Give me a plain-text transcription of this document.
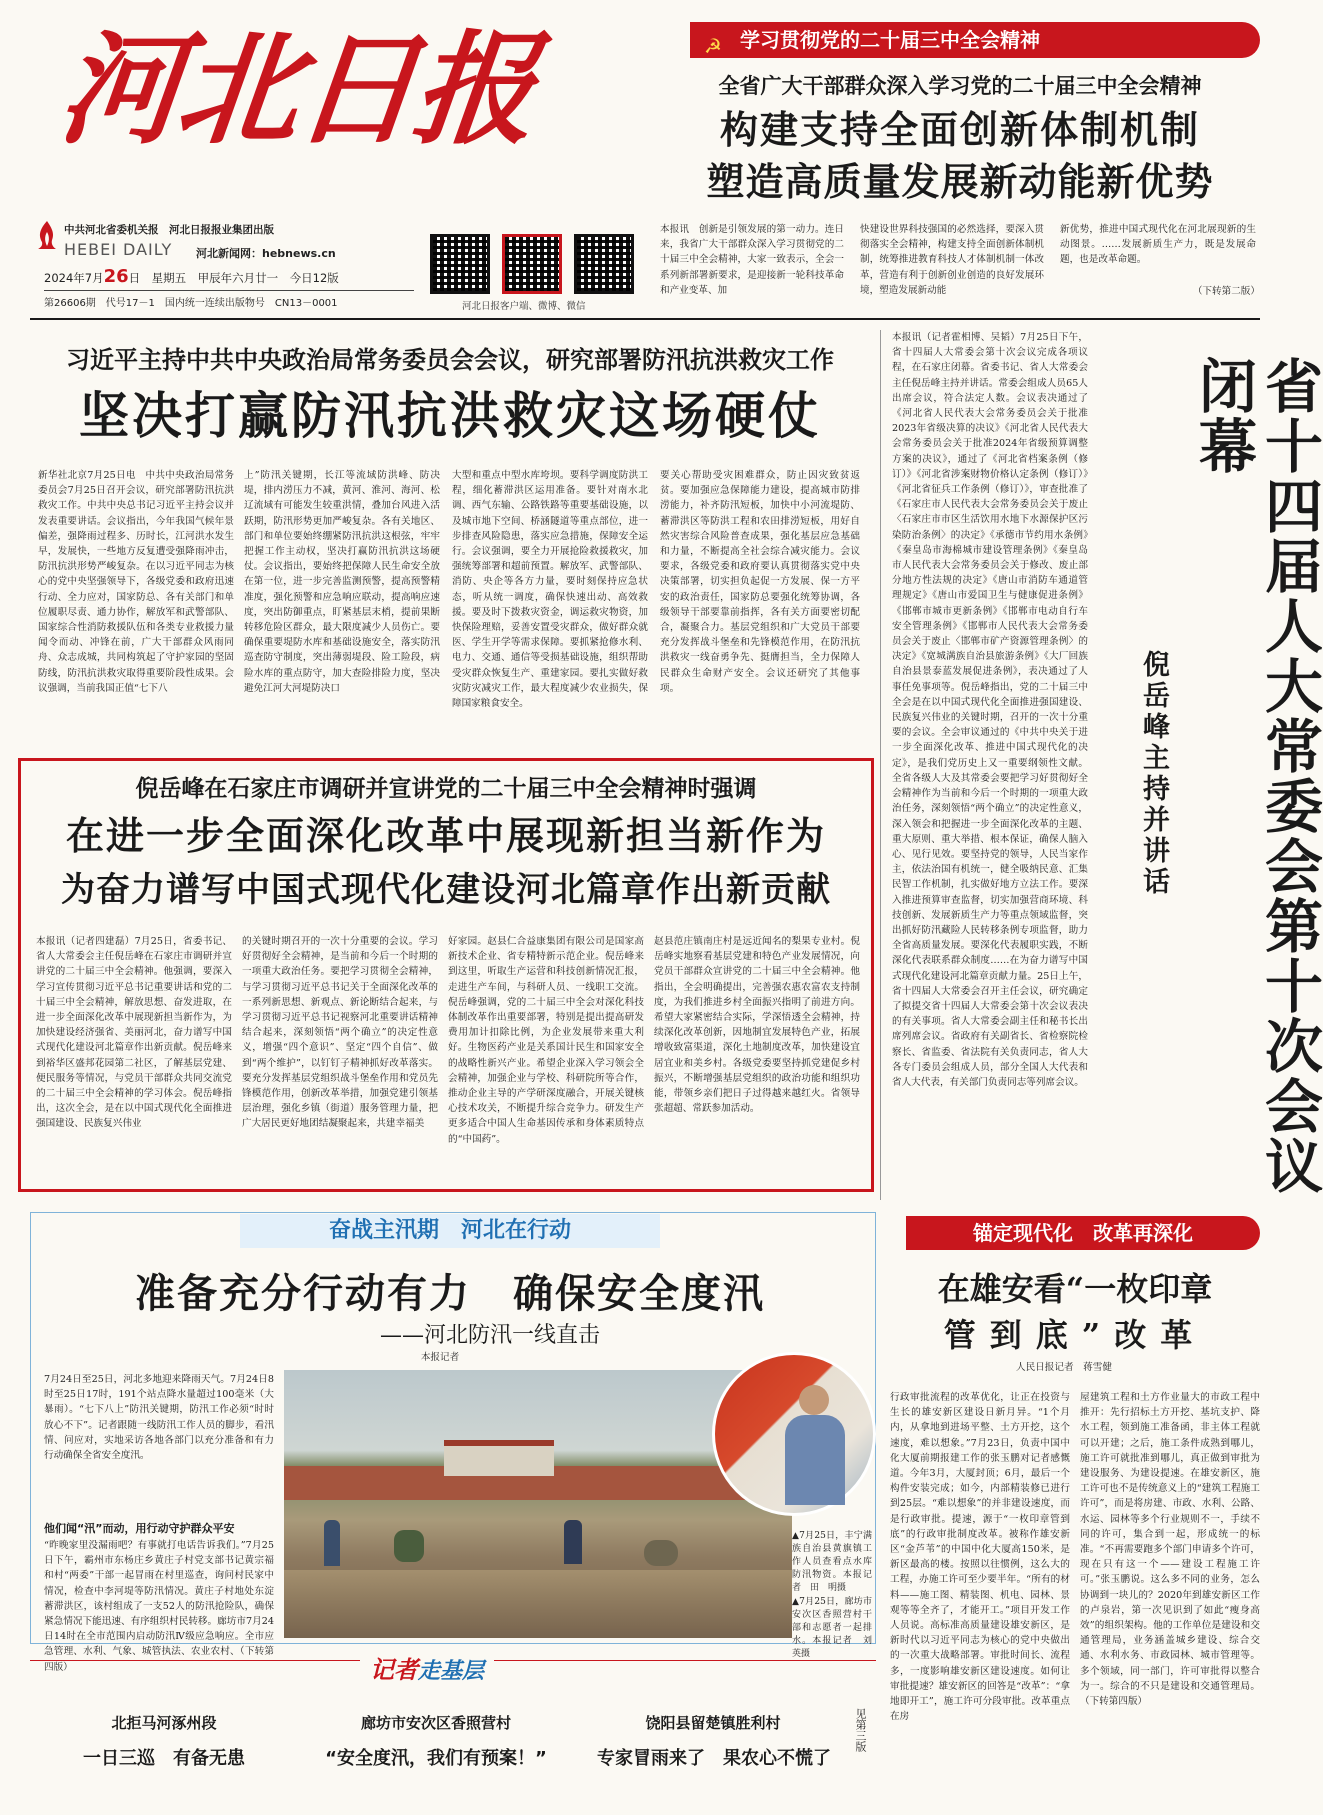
河北日报
中共河北省委机关报　河北日报报业集团出版
HEBEI DAILY 河北新闻网：hebnews.cn
2024年7月26日　星期五　甲辰年六月廿一　今日12版
第26606期　代号17－1　国内统一连续出版物号　CN13－0001	河北日报客户端、微博、微信
☭ 学习贯彻党的二十届三中全会精神
全省广大干部群众深入学习党的二十届三中全会精神
构建支持全面创新体制机制
塑造高质量发展新动能新优势
本报讯　创新是引领发展的第一动力。连日来，我省广大干部群众深入学习贯彻党的二十届三中全会精神，大家一致表示，全会一系列新部署新要求，是迎接新一轮科技革命和产业变革、加
快建设世界科技强国的必然选择，要深入贯彻落实全会精神，构建支持全面创新体制机制，统筹推进教育科技人才体制机制一体改革，营造有利于创新创业创造的良好发展环境，塑造发展新动能
新优势，推进中国式现代化在河北展现新的生动图景。……发展新质生产力，既是发展命题，也是改革命题。
（下转第二版）
习近平主持中共中央政治局常务委员会会议，研究部署防汛抗洪救灾工作
坚决打赢防汛抗洪救灾这场硬仗
新华社北京7月25日电　中共中央政治局常务委员会7月25日召开会议，研究部署防汛抗洪救灾工作。中共中央总书记习近平主持会议并发表重要讲话。会议指出，今年我国气候年景偏差，强降雨过程多、历时长，江河洪水发生早，发展快，一些地方反复遭受强降雨冲击，防汛抗洪形势严峻复杂。在以习近平同志为核心的党中央坚强领导下，各级党委和政府迅速行动、全力应对，国家防总、各有关部门和单位履职尽责、通力协作，解放军和武警部队、国家综合性消防救援队伍和各类专业救援力量闻令而动、冲锋在前，广大干部群众风雨同舟、众志成城，共同构筑起了守护家园的坚固防线，防汛抗洪救灾取得重要阶段性成果。会议强调，当前我国正值“七下八
上”防汛关键期，长江等流域防洪峰、防决堤，排内涝压力不减，黄河、淮河、海河、松辽流域有可能发生较重洪情，叠加台风进入活跃期，防汛形势更加严峻复杂。各有关地区、部门和单位要始终绷紧防汛抗洪这根弦，牢牢把握工作主动权，坚决打赢防汛抗洪这场硬仗。会议指出，要始终把保障人民生命安全放在第一位，进一步完善监测预警，提高预警精准度，强化预警和应急响应联动，提高响应速度，突出防御重点，盯紧基层末梢，提前果断转移危险区群众，最大限度减少人员伤亡。要确保重要堤防水库和基础设施安全，落实防汛巡查防守制度，突出薄弱堤段、险工险段，病险水库的重点防守，加大查险排险力度，坚决避免江河大河堤防决口
大型和重点中型水库垮坝。要科学调度防洪工程，细化蓄滞洪区运用准备。要针对南水北调、西气东输、公路铁路等重要基础设施，以及城市地下空间、桥涵隧道等重点部位，进一步排查风险隐患，落实应急措施，保障安全运行。会议强调，要全力开展抢险救援救灾，加强统筹部署和超前预置。解放军、武警部队、消防、央企等各方力量，要时刻保持应急状态，听从统一调度，确保快速出动、高效救援。要及时下拨救灾资金，调运救灾物资，加快保险理赔，妥善安置受灾群众，做好群众就医、学生开学等需求保障。要抓紧抢修水利、电力、交通、通信等受损基础设施，组织帮助受灾群众恢复生产、重建家园。要扎实做好救灾防灾减灾工作，最大程度减少农业损失，保障国家粮食安全。
要关心帮助受灾困难群众，防止因灾致贫返贫。要加强应急保障能力建设，提高城市防排涝能力，补齐防汛短板，加快中小河流堤防、蓄滞洪区等防洪工程和农田排涝短板，用好自然灾害综合风险普查成果，强化基层应急基础和力量，不断提高全社会综合减灾能力。会议要求，各级党委和政府要认真贯彻落实党中央决策部署，切实担负起促一方发展、保一方平安的政治责任，国家防总要强化统筹协调，各级领导干部要靠前指挥，各有关方面要密切配合，凝聚合力。基层党组织和广大党员干部要充分发挥战斗堡垒和先锋模范作用，在防汛抗洪救灾一线奋勇争先、挺膺担当，全力保障人民群众生命财产安全。会议还研究了其他事项。
本报讯（记者霍相博、吴韬）7月25日下午，省十四届人大常委会第十次会议完成各项议程，在石家庄闭幕。省委书记、省人大常委会主任倪岳峰主持并讲话。常委会组成人员65人出席会议，符合法定人数。会议表决通过了《河北省人民代表大会常务委员会关于批准2023年省级决算的决议》《河北省人民代表大会常务委员会关于批准2024年省级预算调整方案的决议》，通过了《河北省档案条例（修订）》《河北省涉案财物价格认定条例（修订）》《河北省征兵工作条例（修订）》，审查批准了《石家庄市人民代表大会常务委员会关于废止〈石家庄市市区生活饮用水地下水源保护区污染防治条例〉的决定》《承德市节约用水条例》《秦皇岛市海棉城市建设管理条例》《秦皇岛市人民代表大会常务委员会关于修改、废止部分地方性法规的决定》《唐山市消防车通道管理规定》《唐山市爱国卫生与健康促进条例》《邯郸市城市更新条例》《邯郸市电动自行车安全管理条例》《邯郸市人民代表大会常务委员会关于废止〈邯郸市矿产资源管理条例〉的决定》《宽城满族自治县旅游条例》《大厂回族自治县景泰蓝发展促进条例》，表决通过了人事任免事项等。倪岳峰指出，党的二十届三中全会是在以中国式现代化全面推进强国建设、民族复兴伟业的关键时期，召开的一次十分重要的会议。全会审议通过的《中共中央关于进一步全面深化改革、推进中国式现代化的决定》，是我们党历史上又一重要纲领性文献。全省各级人大及其常委会要把学习好贯彻好全会精神作为当前和今后一个时期的一项重大政治任务，深刻领悟“两个确立”的决定性意义，深入领会和把握进一步全面深化改革的主题、重大原则、重大举措、根本保证，确保人脑入心、见行见效。要坚持党的领导，人民当家作主，依法治国有机统一，健全吸纳民意、汇集民智工作机制，扎实做好地方立法工作。要深入推进预算审查监督，切实加强营商环境、科技创新、发展新质生产力等重点领域监督，突出抓好防汛藏险人民转移条例专项监督，助力全省高质量发展。要深化代表履职实践，不断深化代表联系群众制度……在为奋力谱写中国式现代化建设河北篇章贡献力量。25日上午，省十四届人大常委会召开主任会议，研究确定了拟提交省十四届人大常委会第十次会议表决的有关事项。省人大常委会副主任和秘书长出席列席会议。省政府有关副省长、省检察院检察长、省监委、省法院有关负责同志，省人大各专门委员会组成人员，部分全国人大代表和省人大代表，有关部门负责同志等列席会议。	省十四届人大常委会第十次会议闭幕
倪岳峰主持并讲话
倪岳峰在石家庄市调研并宣讲党的二十届三中全会精神时强调
在进一步全面深化改革中展现新担当新作为
为奋力谱写中国式现代化建设河北篇章作出新贡献
本报讯（记者四建磊）7月25日，省委书记、省人大常委会主任倪岳峰在石家庄市调研并宣讲党的二十届三中全会精神。他强调，要深入学习宣传贯彻习近平总书记重要讲话和党的二十届三中全会精神，解放思想、奋发进取，在进一步全面深化改革中展现新担当新作为，为加快建设经济强省、美丽河北，奋力谱写中国式现代化建设河北篇章作出新贡献。倪岳峰来到裕华区盛邦花园第二社区，了解基层党建、便民服务等情况，与党员干部群众共同交流党的二十届三中全会精神的学习体会。倪岳峰指出，这次全会，是在以中国式现代化全面推进强国建设、民族复兴伟业
的关键时期召开的一次十分重要的会议。学习好贯彻好全会精神，是当前和今后一个时期的一项重大政治任务。要把学习贯彻全会精神，与学习贯彻习近平总书记关于全面深化改革的一系列新思想、新观点、新论断结合起来，与学习贯彻习近平总书记视察河北重要讲话精神结合起来，深刻领悟“两个确立”的决定性意义，增强“四个意识”、坚定“四个自信”、做到“两个维护”，以钉钉子精神抓好改革落实。要充分发挥基层党组织战斗堡垒作用和党员先锋模范作用，创新改革举措，加强党建引领基层治理，强化乡镇（街道）服务管理力量，把广大居民更好地团结凝聚起来，共建幸福美
好家园。赵县仁合益康集团有限公司是国家高新技术企业、省专精特新示范企业。倪岳峰来到这里，听取生产运营和科技创新情况汇报，走进生产车间，与科研人员、一线职工交流。倪岳峰强调，党的二十届三中全会对深化科技体制改革作出重要部署，特别是提出提高研发费用加计扣除比例，为企业发展带来重大利好。生物医药产业是关系国计民生和国家安全的战略性新兴产业。希望企业深入学习领会全会精神，加强企业与学校、科研院所等合作，推动企业主导的产学研深度融合，开展关键核心技术攻关，不断提升综合竞争力。研发生产更多适合中国人生命基因传承和身体素质特点的“中国药”。
赵县范庄镇南庄村是远近闻名的梨果专业村。倪岳峰实地察看基层党建和特色产业发展情况，向党员干部群众宣讲党的二十届三中全会精神。他指出，全会明确提出，完善强农惠农富农支持制度，为我们推进乡村全面振兴指明了前进方向。希望大家紧密结合实际，学深悟透全会精神，持续深化改革创新，因地制宜发展特色产业，拓展增收致富渠道，深化土地制度改革，加快建设宜居宜业和美乡村。各级党委要坚持抓党建促乡村振兴，不断增强基层党组织的政治功能和组织功能，带领乡亲们把日子过得越来越红火。省领导张超超、常跃参加活动。
奋战主汛期　河北在行动
准备充分行动有力　确保安全度汛
——河北防汛一线直击
本报记者
7月24日至25日，河北多地迎来降雨天气。7月24日8时至25日17时，191个站点降水量超过100毫米（大暴雨）。“七下八上”防汛关键期，防汛工作必须“时时放心不下”。记者跟随一线防汛工作人员的脚步，看汛情、问应对，实地采访各地各部门以充分准备和有力行动确保全省安全度汛。
他们闻“汛”而动，用行动守护群众平安
“昨晚家里没漏雨吧？有事就打电话告诉我们。”7月25日下午，霸州市东杨庄乡黄庄子村党支部书记黄宗福和村“两委”干部一起冒雨在村里巡查，询问村民家中情况，检查中李河堤等防汛情况。黄庄子村地处东淀蓄滞洪区，该村组成了一支52人的防汛抢险队，确保紧急情况下能迅速、有序组织村民转移。廊坊市7月24日14时在全市范围内启动防汛Ⅳ级应急响应。全市应急管理、水利、气象、城管执法、农业农村、（下转第四版）
▲7月25日，丰宁满族自治县黄旗镇工作人员查看点水库防汛物资。本报记者　田　明摄
▲7月25日，廊坊市安次区香照营村干部和志愿者一起排水。本报记者　刘　英摄
记者走基层
北拒马河涿州段
一日三巡　有备无患
廊坊市安次区香照营村
“安全度汛，我们有预案！”
饶阳县留楚镇胜利村
专家冒雨来了　果农心不慌了
见第三版
锚定现代化　改革再深化
在雄安看“一枚印章
管到底”改革
人民日报记者　蒋雪健
行政审批流程的改革优化，让正在投资与生长的雄安新区建设日新月异。“1个月内，从拿地到进场平整、土方开挖，这个速度，难以想象。”7月23日，负责中国中化大厦前期报建工作的张玉鹏对记者感慨道。今年3月，大厦封顶；6月，最后一个构件安装完成；如今，内部精装修已进行到25层。“难以想象”的并非建设速度，而是行政审批。提速，源于“一枚印章管到底”的行政审批制度改革。被称作雄安新区“金芦苇”的中国中化大厦高150米，是新区最高的楼。按照以往惯例，这么大的工程，办施工许可至少要半年。“所有的材料——施工图、精装图、机电、园林、景观等等全齐了，才能开工。”项目开发工作人员说。高标准高质量建设雄安新区，是新时代以习近平同志为核心的党中央做出的一次重大战略部署。审批时间长、流程多，一度影响雄安新区建设速度。如何让审批提速？雄安新区的回答是“改革”：“拿地即开工”，施工许可分段审批。改革重点在房
屋建筑工程和土方作业量大的市政工程中推开：先行招标土方开挖、基坑支护、降水工程，领到施工准备函，非主体工程就可以开建；之后，施工条件成熟到哪儿，施工许可就批准到哪儿，真正做到审批为建设服务、为建设提速。在雄安新区，施工许可也不是传统意义上的“建筑工程施工许可”，而是将房建、市政、水利、公路、水运、园林等多个行业规则不一，手续不同的许可，集合到一起，形成统一的标准。“不再需要跑多个部门申请多个许可，现在只有这一个——建设工程施工许可。”张玉鹏说。这么多不同的业务，怎么协调到一块儿的？2020年到雄安新区工作的卢泉岩，第一次见识到了如此“瘦身高效”的组织架构。他的工作单位是建设和交通管理局，业务涵盖城乡建设、综合交通、水利水务、市政园林、城市管理等。多个领域，同一部门，许可审批得以整合为一。综合的不只是建设和交通管理局。（下转第四版）
